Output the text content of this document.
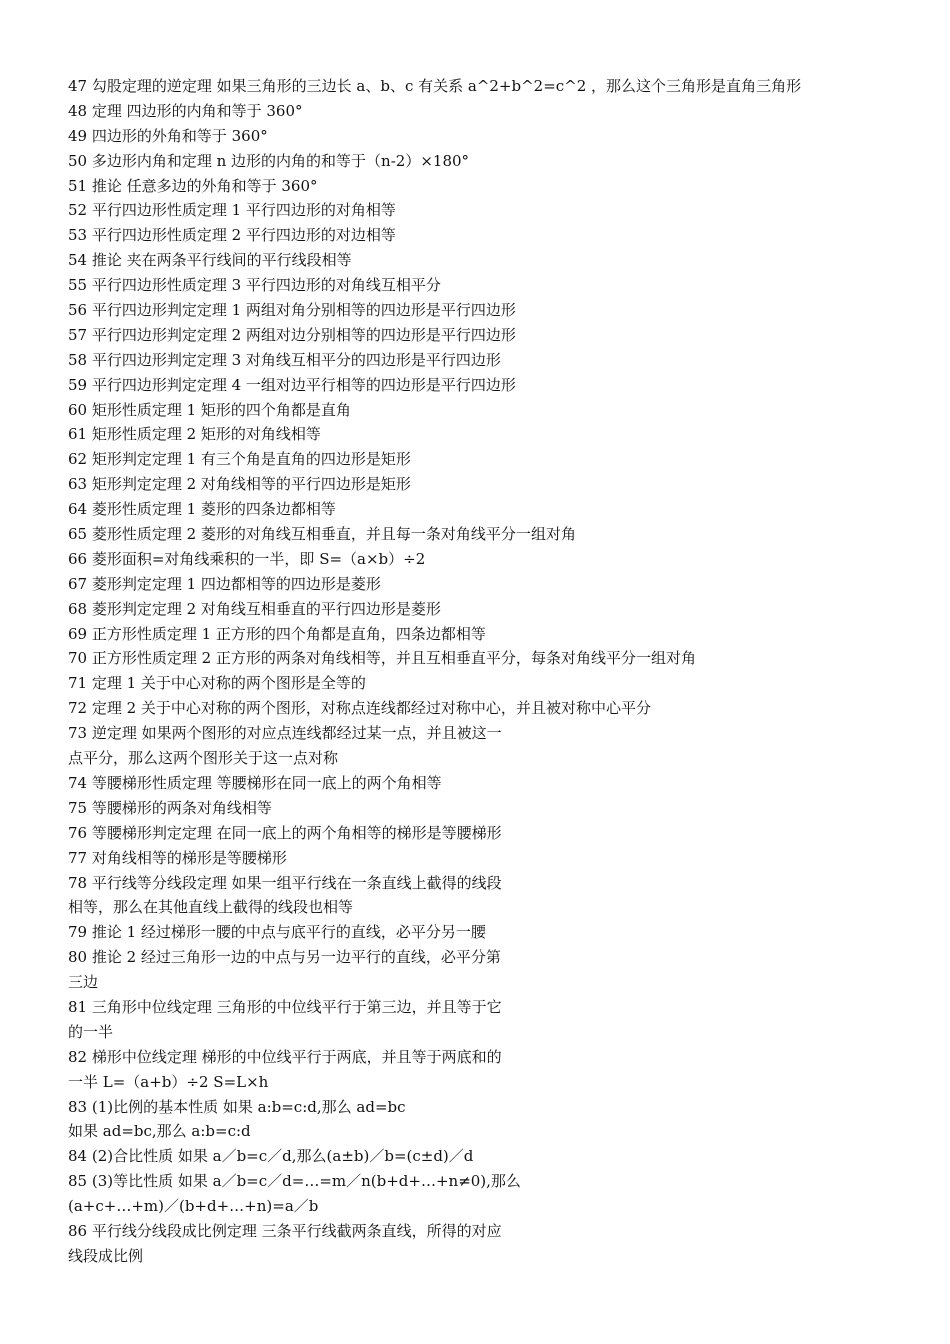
47 勾股定理的逆定理 如果三角形的三边长 a、b、c 有关系 a^2+b^2=c^2 ，那么这个三角形是直角三角形
48 定理 四边形的内角和等于 360°
49 四边形的外角和等于 360°
50 多边形内角和定理 n 边形的内角的和等于（n-2）×180°
51 推论 任意多边的外角和等于 360°
52 平行四边形性质定理 1 平行四边形的对角相等
53 平行四边形性质定理 2 平行四边形的对边相等
54 推论 夹在两条平行线间的平行线段相等
55 平行四边形性质定理 3 平行四边形的对角线互相平分
56 平行四边形判定定理 1 两组对角分别相等的四边形是平行四边形
57 平行四边形判定定理 2 两组对边分别相等的四边形是平行四边形
58 平行四边形判定定理 3 对角线互相平分的四边形是平行四边形
59 平行四边形判定定理 4 一组对边平行相等的四边形是平行四边形
60 矩形性质定理 1 矩形的四个角都是直角
61 矩形性质定理 2 矩形的对角线相等
62 矩形判定定理 1 有三个角是直角的四边形是矩形
63 矩形判定定理 2 对角线相等的平行四边形是矩形
64 菱形性质定理 1 菱形的四条边都相等
65 菱形性质定理 2 菱形的对角线互相垂直，并且每一条对角线平分一组对角
66 菱形面积=对角线乘积的一半，即 S=（a×b）÷2
67 菱形判定定理 1 四边都相等的四边形是菱形
68 菱形判定定理 2 对角线互相垂直的平行四边形是菱形
69 正方形性质定理 1 正方形的四个角都是直角，四条边都相等
70 正方形性质定理 2 正方形的两条对角线相等，并且互相垂直平分，每条对角线平分一组对角
71 定理 1 关于中心对称的两个图形是全等的
72 定理 2 关于中心对称的两个图形，对称点连线都经过对称中心，并且被对称中心平分
73 逆定理 如果两个图形的对应点连线都经过某一点，并且被这一
点平分，那么这两个图形关于这一点对称
74 等腰梯形性质定理 等腰梯形在同一底上的两个角相等
75 等腰梯形的两条对角线相等
76 等腰梯形判定定理 在同一底上的两个角相等的梯形是等腰梯形
77 对角线相等的梯形是等腰梯形
78 平行线等分线段定理 如果一组平行线在一条直线上截得的线段
相等，那么在其他直线上截得的线段也相等
79 推论 1 经过梯形一腰的中点与底平行的直线，必平分另一腰
80 推论 2 经过三角形一边的中点与另一边平行的直线，必平分第
三边
81 三角形中位线定理 三角形的中位线平行于第三边，并且等于它
的一半
82 梯形中位线定理 梯形的中位线平行于两底，并且等于两底和的
一半 L=（a+b）÷2 S=L×h
83 (1)比例的基本性质 如果 a:b=c:d,那么 ad=bc
如果 ad=bc,那么 a:b=c:d
84 (2)合比性质 如果 a／b=c／d,那么(a±b)／b=(c±d)／d
85 (3)等比性质 如果 a／b=c／d=…=m／n(b+d+…+n≠0),那么
(a+c+…+m)／(b+d+…+n)=a／b
86 平行线分线段成比例定理 三条平行线截两条直线，所得的对应
线段成比例
